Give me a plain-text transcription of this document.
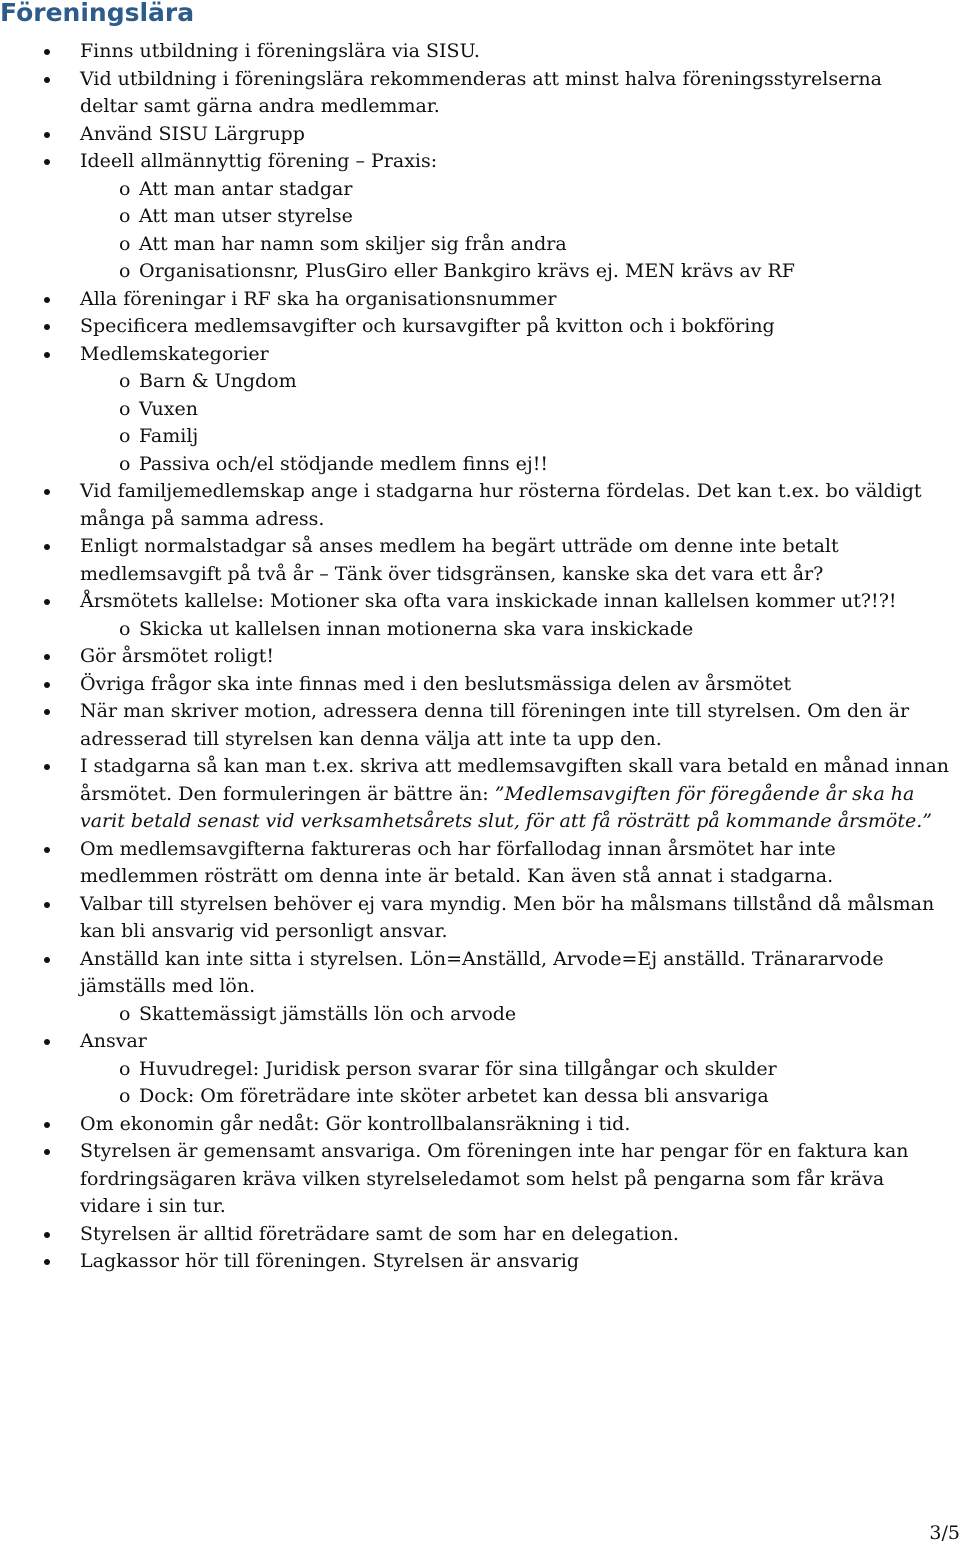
Föreningslära
Finns utbildning i föreningslära via SISU.
Vid utbildning i föreningslära rekommenderas att minst halva föreningsstyrelserna
deltar samt gärna andra medlemmar.
Använd SISU Lärgrupp
Ideell allmännyttig förening – Praxis:
o Att man antar stadgar
o Att man utser styrelse
o Att man har namn som skiljer sig från andra
o Organisationsnr, PlusGiro eller Bankgiro krävs ej. MEN krävs av RF
Alla föreningar i RF ska ha organisationsnummer
Specificera medlemsavgifter och kursavgifter på kvitton och i bokföring
Medlemskategorier
o Barn & Ungdom
o Vuxen
o Familj
o Passiva och/el stödjande medlem finns ej!!
Vid familjemedlemskap ange i stadgarna hur rösterna fördelas. Det kan t.ex. bo väldigt
många på samma adress.
Enligt normalstadgar så anses medlem ha begärt utträde om denne inte betalt
medlemsavgift på två år – Tänk över tidsgränsen, kanske ska det vara ett år?
Årsmötets kallelse: Motioner ska ofta vara inskickade innan kallelsen kommer ut?!?!
o Skicka ut kallelsen innan motionerna ska vara inskickade
Gör årsmötet roligt!
Övriga frågor ska inte finnas med i den beslutsmässiga delen av årsmötet
När man skriver motion, adressera denna till föreningen inte till styrelsen. Om den är
adresserad till styrelsen kan denna välja att inte ta upp den.
I stadgarna så kan man t.ex. skriva att medlemsavgiften skall vara betald en månad innan
årsmötet. Den formuleringen är bättre än: ”Medlemsavgiften för föregående år ska ha
varit betald senast vid verksamhetsårets slut, för att få rösträtt på kommande årsmöte.”
Om medlemsavgifterna faktureras och har förfallodag innan årsmötet har inte
medlemmen rösträtt om denna inte är betald. Kan även stå annat i stadgarna.
Valbar till styrelsen behöver ej vara myndig. Men bör ha målsmans tillstånd då målsman
kan bli ansvarig vid personligt ansvar.
Anställd kan inte sitta i styrelsen. Lön=Anställd, Arvode=Ej anställd. Tränararvode
jämställs med lön.
o Skattemässigt jämställs lön och arvode
Ansvar
o Huvudregel: Juridisk person svarar för sina tillgångar och skulder
o Dock: Om företrädare inte sköter arbetet kan dessa bli ansvariga
Om ekonomin går nedåt: Gör kontrollbalansräkning i tid.
Styrelsen är gemensamt ansvariga. Om föreningen inte har pengar för en faktura kan
fordringsägaren kräva vilken styrelseledamot som helst på pengarna som får kräva
vidare i sin tur.
Styrelsen är alltid företrädare samt de som har en delegation.
Lagkassor hör till föreningen. Styrelsen är ansvarig
3/5
